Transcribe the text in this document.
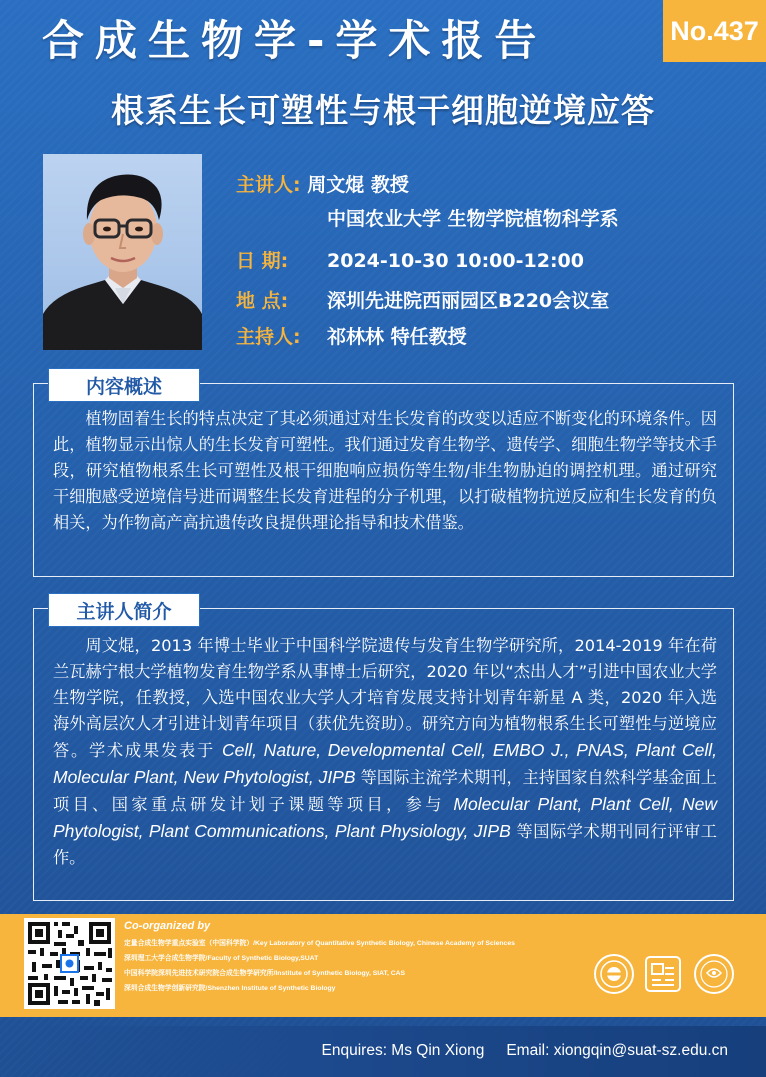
合成生物学-学术报告	No.437
根系生长可塑性与根干细胞逆境应答
主讲人: 周文焜 教授
中国农业大学 生物学院植物科学系
日 期: 2024-10-30 10:00-12:00
地 点: 深圳先进院西丽园区B220会议室
主持人: 祁林林 特任教授
内容概述
植物固着生长的特点决定了其必须通过对生长发育的改变以适应不断变化的环境条件。因此，植物显示出惊人的生长发育可塑性。我们通过发育生物学、遗传学、细胞生物学等技术手段，研究植物根系生长可塑性及根干细胞响应损伤等生物/非生物胁迫的调控机理。通过研究干细胞感受逆境信号进而调整生长发育进程的分子机理，以打破植物抗逆反应和生长发育的负相关，为作物高产高抗遗传改良提供理论指导和技术借鉴。
主讲人简介
周文焜，2013 年博士毕业于中国科学院遗传与发育生物学研究所，2014-2019 年在荷兰瓦赫宁根大学植物发育生物学系从事博士后研究，2020 年以“杰出人才”引进中国农业大学生物学院，任教授，入选中国农业大学人才培育发展支持计划青年新星 A 类，2020 年入选海外高层次人才引进计划青年项目（获优先资助）。研究方向为植物根系生长可塑性与逆境应答。学术成果发表于 Cell, Nature, Developmental Cell, EMBO J., PNAS, Plant Cell, Molecular Plant, New Phytologist, JIPB 等国际主流学术期刊，主持国家自然科学基金面上项目、国家重点研发计划子课题等项目，参与 Molecular Plant, Plant Cell, New Phytologist, Plant Communications, Plant Physiology, JIPB 等国际学术期刊同行评审工作。
Co-organized by
定量合成生物学重点实验室（中国科学院）/Key Laboratory of Quantitative Synthetic Biology, Chinese Academy of Sciences
深圳理工大学合成生物学院/Faculty of Synthetic Biology,SUAT
中国科学院深圳先进技术研究院合成生物学研究所/Institute of Synthetic Biology, SIAT, CAS
深圳合成生物学创新研究院/Shenzhen Institute of Synthetic Biology
Enquires: Ms Qin Xiong Email: xiongqin@suat-sz.edu.cn
